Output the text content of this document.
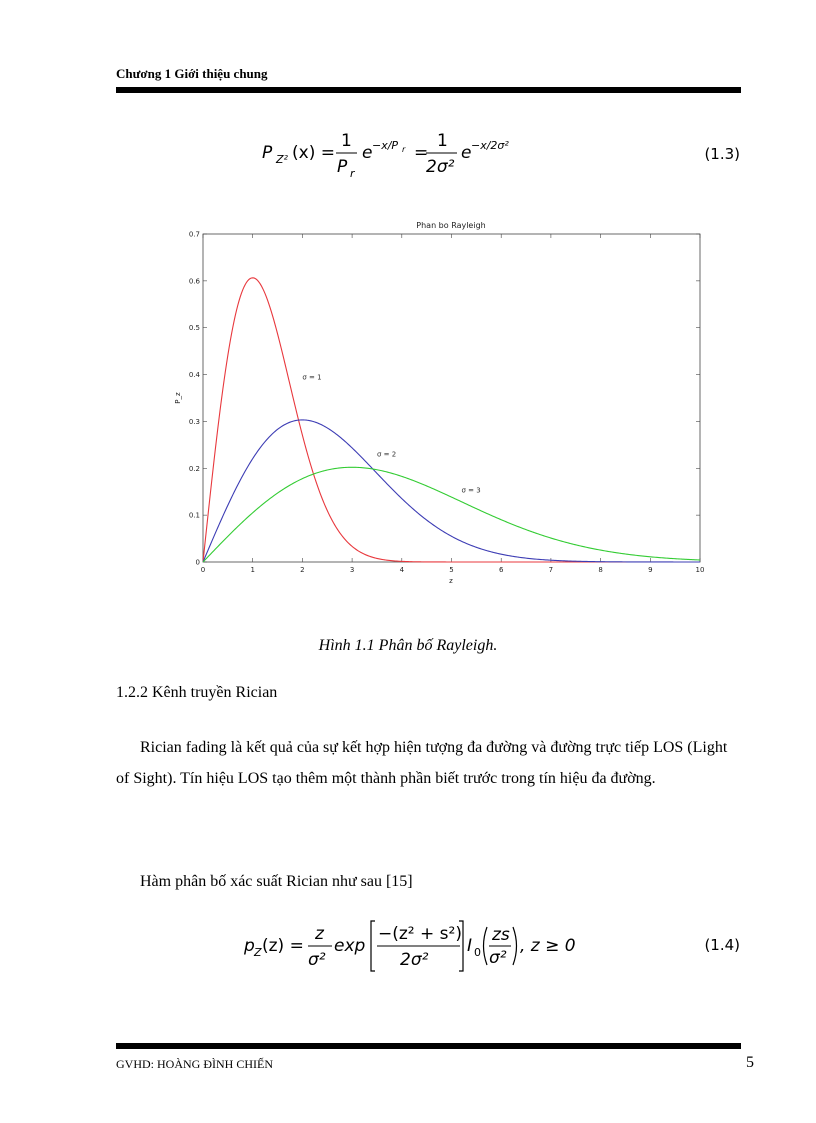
Chương 1 Giới thiệu chung
P Z² (x) =
1
P r
e −x/P r =
1
2σ²
e −x/2σ²	(1.3)
Phan bo Rayleigh
0	1	2	3	4	5	6	7	8	9	10
0
0.1
0.2
0.3
0.4
0.5
0.6
0.7
σ = 1
σ = 2
σ = 3
z
P_z
Hình 1.1 Phân bố Rayleigh.
1.2.2 Kênh truyền Rician
Rician fading là kết quả của sự kết hợp hiện tượng đa đường và đường trực tiếp LOS (Light of Sight). Tín hiệu LOS tạo thêm một thành phần biết trước trong tín hiệu đa đường.
Hàm phân bố xác suất Rician như sau [15]
p Z (z) =
z
σ²
exp
−(z² + s²)
2σ²
I 0
zs
σ²
, z ≥ 0	(1.4)
GVHD: HOÀNG ĐÌNH CHIẾN	5
